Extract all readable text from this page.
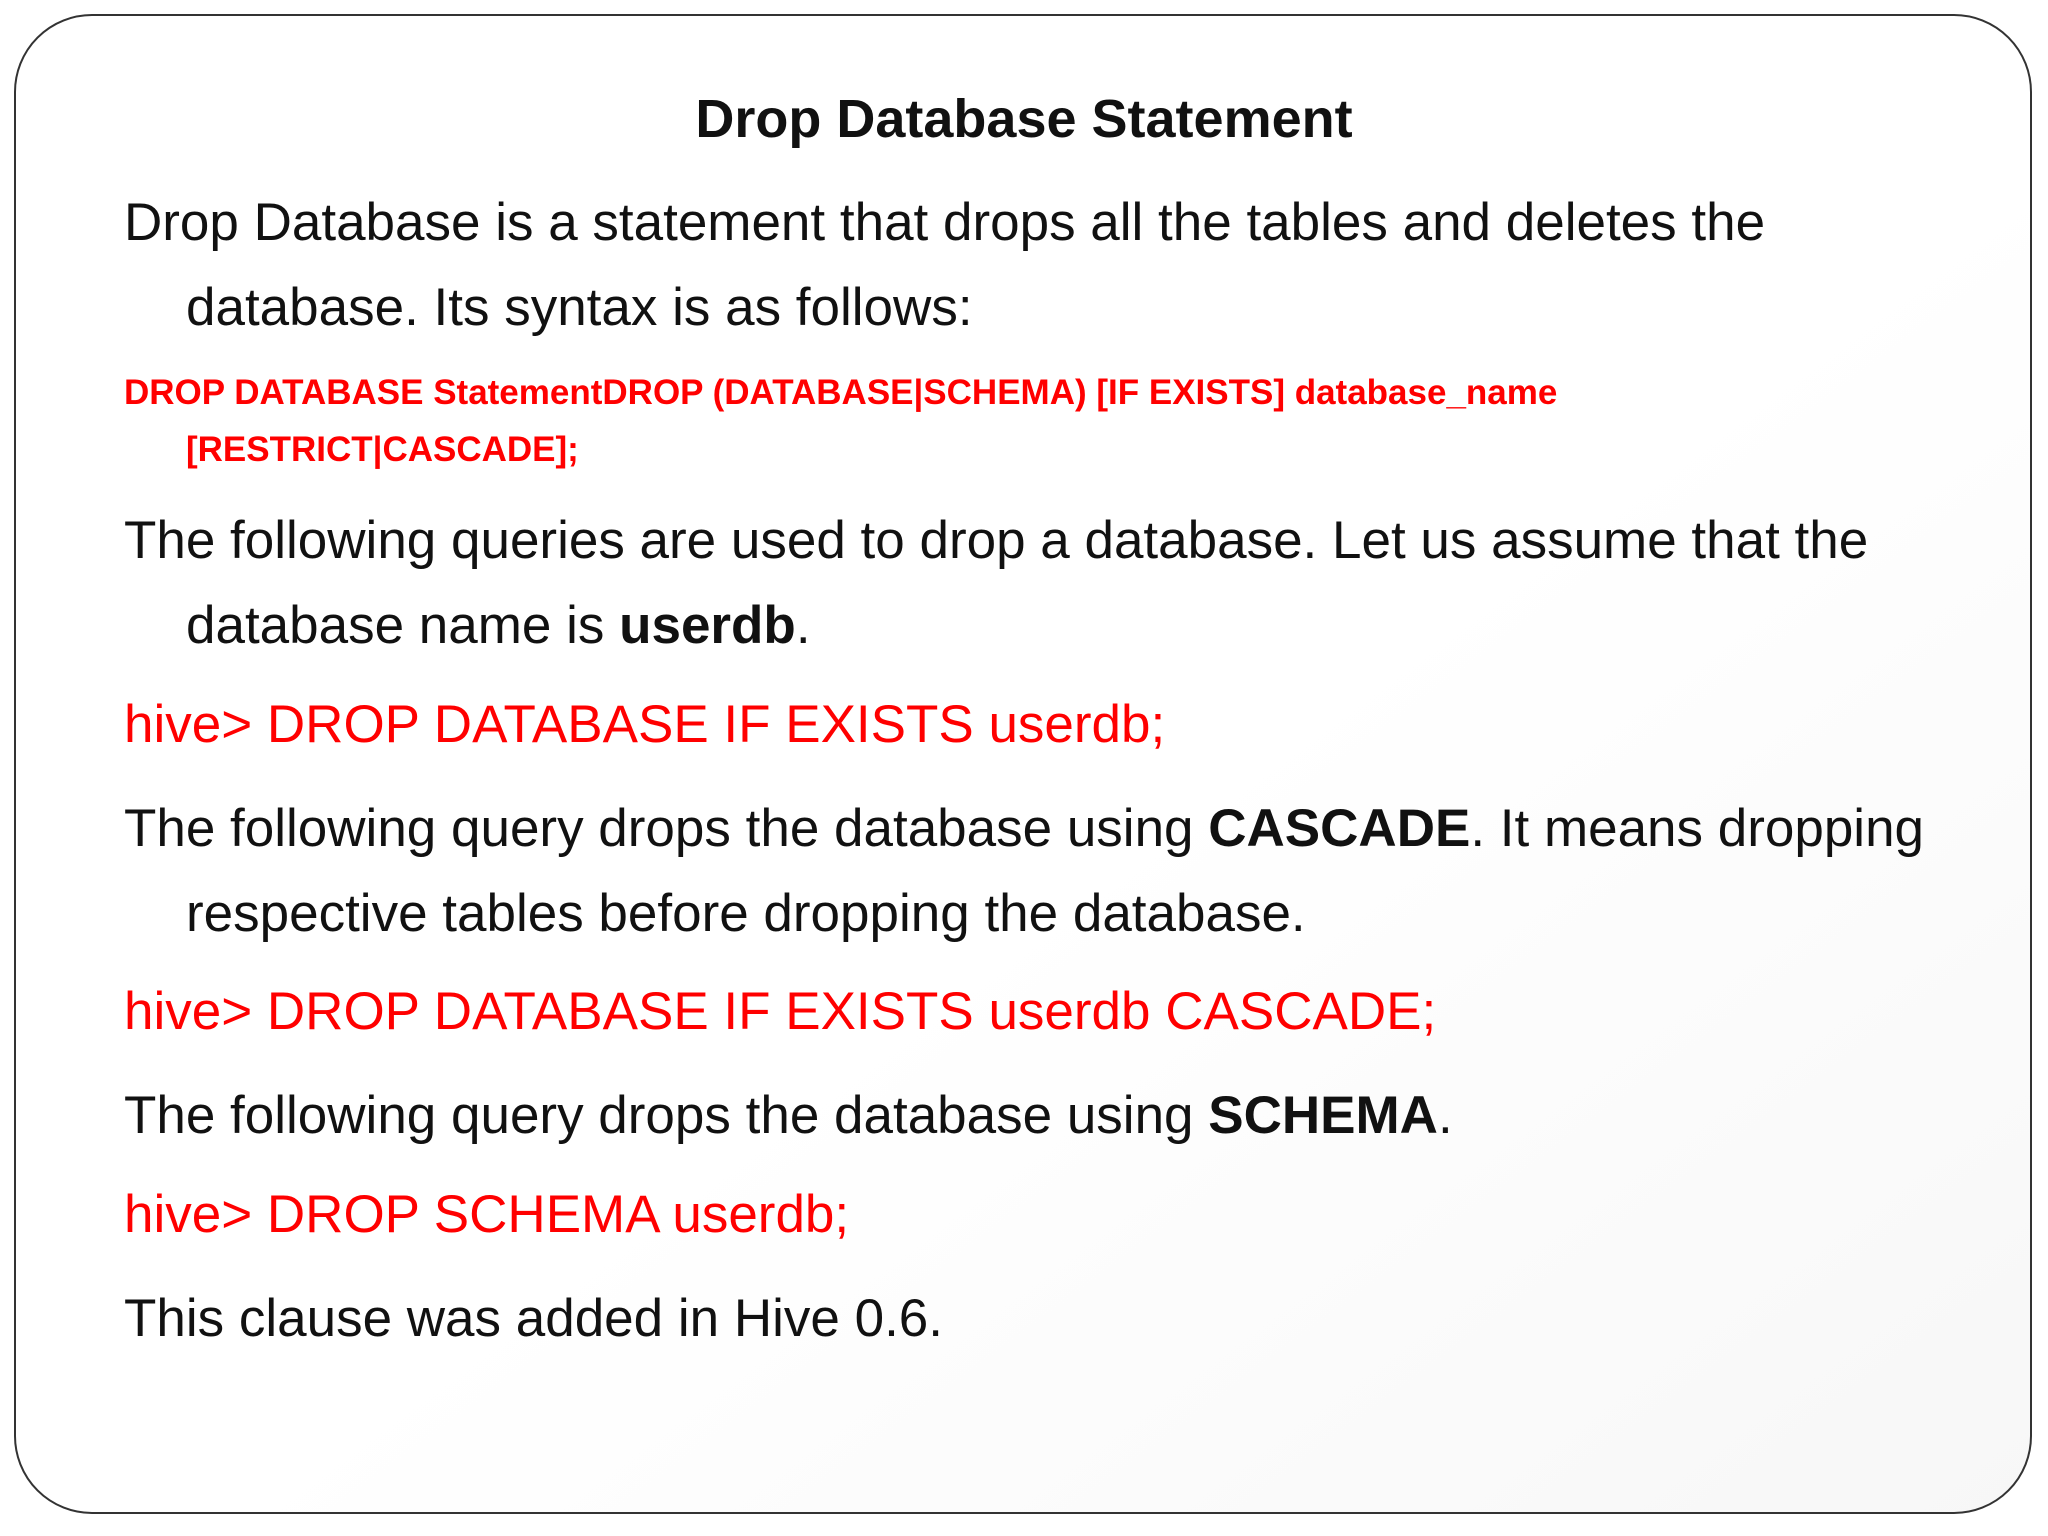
Drop Database Statement
Drop Database is a statement that drops all the tables and deletes the database. Its syntax is as follows:
DROP DATABASE StatementDROP (DATABASE|SCHEMA) [IF EXISTS] database_name [RESTRICT|CASCADE];
The following queries are used to drop a database. Let us assume that the database name is userdb.
hive> DROP DATABASE IF EXISTS userdb;
The following query drops the database using CASCADE. It means dropping respective tables before dropping the database.
hive> DROP DATABASE IF EXISTS userdb CASCADE;
The following query drops the database using SCHEMA.
hive> DROP SCHEMA userdb;
This clause was added in Hive 0.6.
